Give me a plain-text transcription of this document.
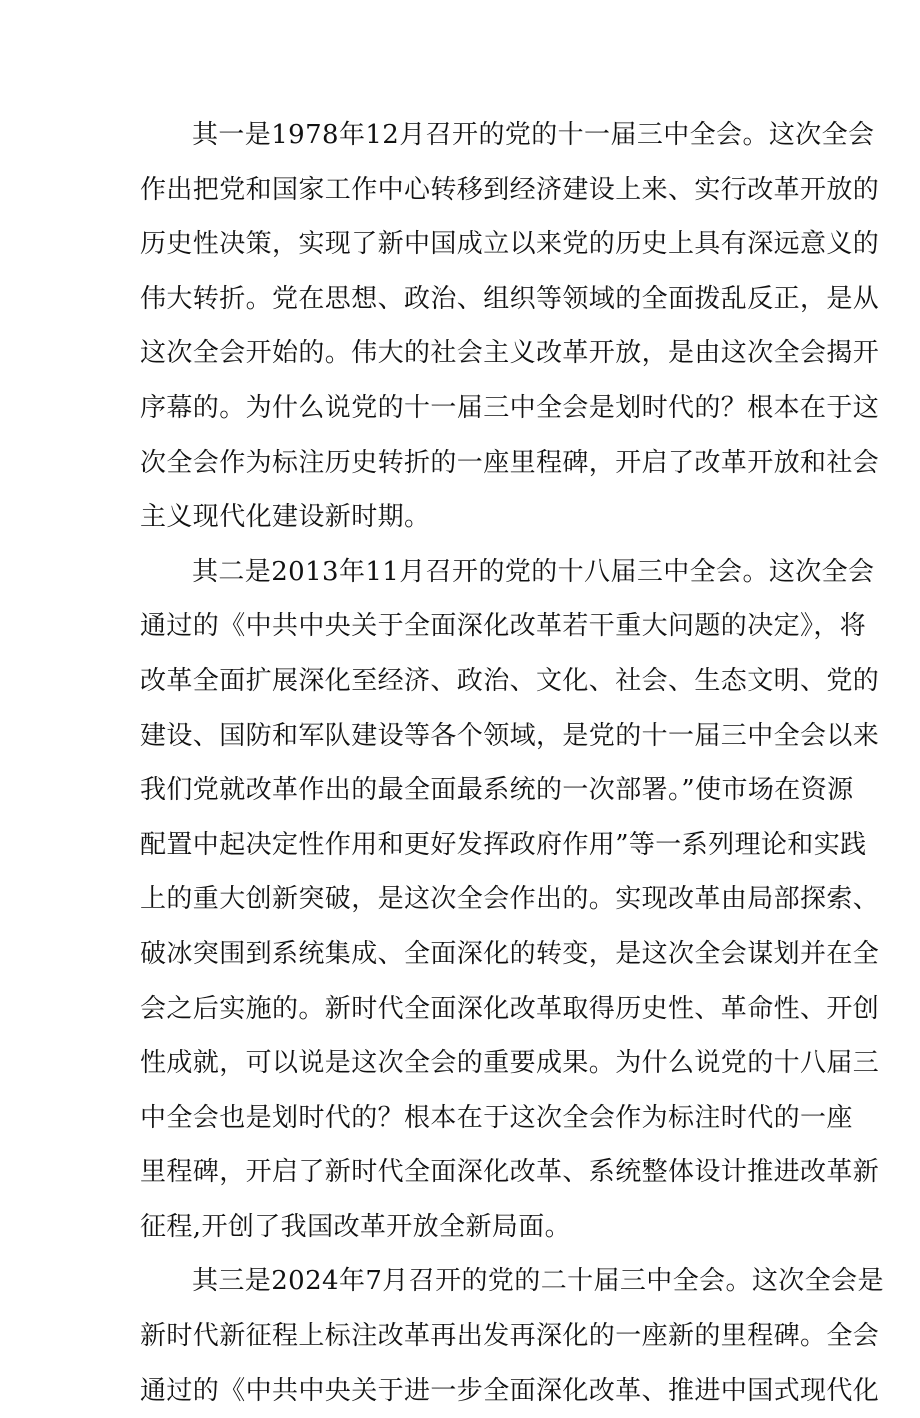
其一是1978年12月召开的党的十一届三中全会。这次全会
作出把党和国家工作中心转移到经济建设上来、实行改革开放的
历史性决策，实现了新中国成立以来党的历史上具有深远意义的
伟大转折。党在思想、政治、组织等领域的全面拨乱反正，是从
这次全会开始的。伟大的社会主义改革开放，是由这次全会揭开
序幕的。为什么说党的十一届三中全会是划时代的？根本在于这
次全会作为标注历史转折的一座里程碑，开启了改革开放和社会
主义现代化建设新时期。
其二是2013年11月召开的党的十八届三中全会。这次全会
通过的《中共中央关于全面深化改革若干重大问题的决定》，将
改革全面扩展深化至经济、政治、文化、社会、生态文明、党的
建设、国防和军队建设等各个领域，是党的十一届三中全会以来
我们党就改革作出的最全面最系统的一次部署。”使市场在资源
配置中起决定性作用和更好发挥政府作用”等一系列理论和实践
上的重大创新突破，是这次全会作出的。实现改革由局部探索、
破冰突围到系统集成、全面深化的转变，是这次全会谋划并在全
会之后实施的。新时代全面深化改革取得历史性、革命性、开创
性成就，可以说是这次全会的重要成果。为什么说党的十八届三
中全会也是划时代的？根本在于这次全会作为标注时代的一座
里程碑，开启了新时代全面深化改革、系统整体设计推进改革新
征程,开创了我国改革开放全新局面。
其三是2024年7月召开的党的二十届三中全会。这次全会是
新时代新征程上标注改革再出发再深化的一座新的里程碑。全会
通过的《中共中央关于进一步全面深化改革、推进中国式现代化
